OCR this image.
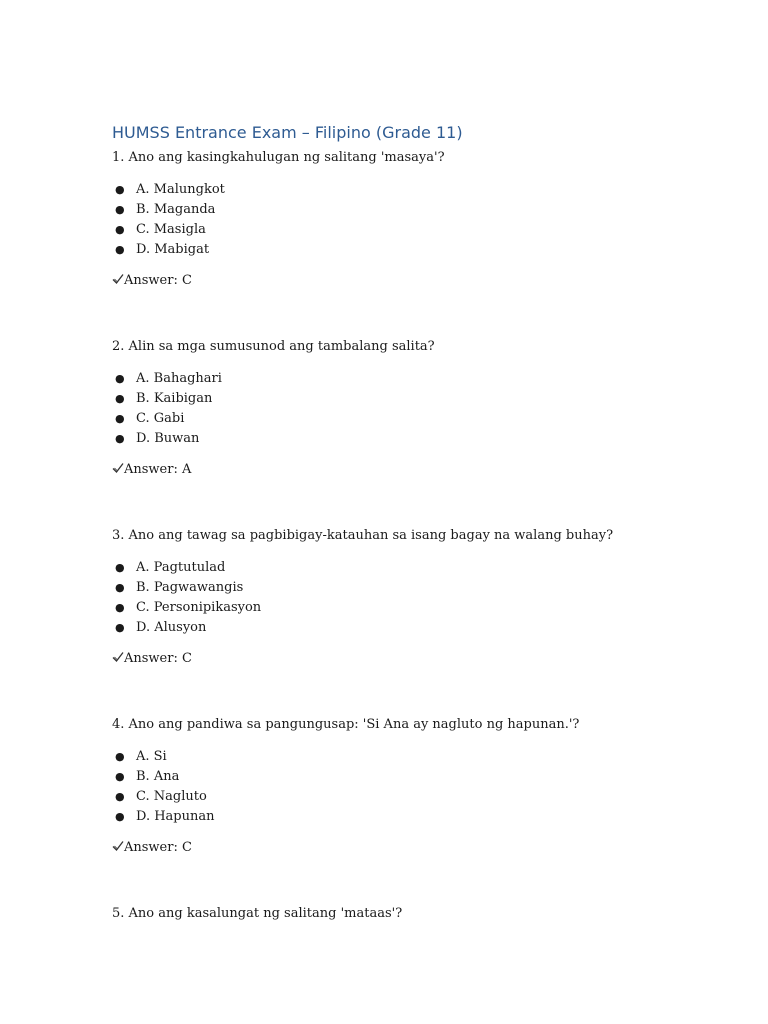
HUMSS Entrance Exam – Filipino (Grade 11)
1. Ano ang kasingkahulugan ng salitang 'masaya'?
● A. Malungkot
● B. Maganda
● C. Masigla
● D. Mabigat
Answer: C
2. Alin sa mga sumusunod ang tambalang salita?
● A. Bahaghari
● B. Kaibigan
● C. Gabi
● D. Buwan
Answer: A
3. Ano ang tawag sa pagbibigay-katauhan sa isang bagay na walang buhay?
● A. Pagtutulad
● B. Pagwawangis
● C. Personipikasyon
● D. Alusyon
Answer: C
4. Ano ang pandiwa sa pangungusap: 'Si Ana ay nagluto ng hapunan.'?
● A. Si
● B. Ana
● C. Nagluto
● D. Hapunan
Answer: C
5. Ano ang kasalungat ng salitang 'mataas'?
